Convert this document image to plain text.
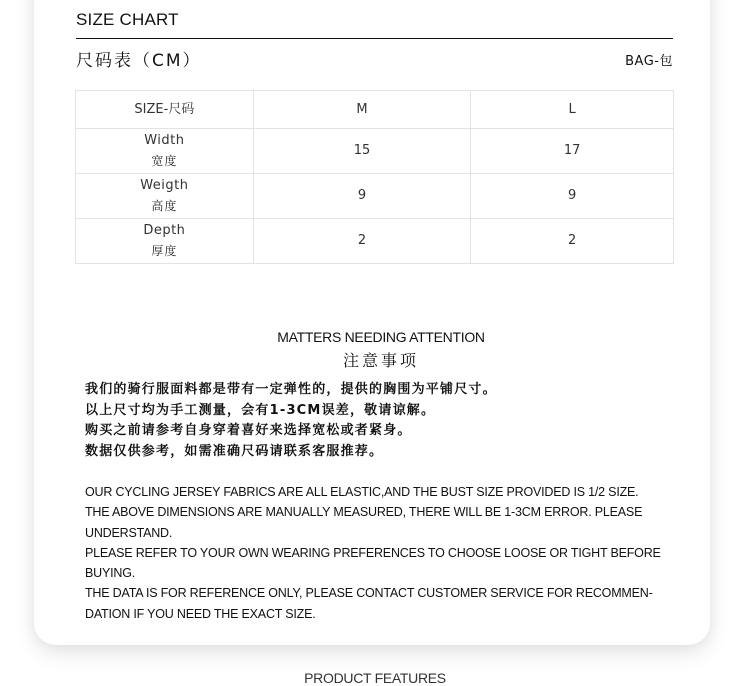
SIZE CHART
尺码表（CM）	BAG-包
SIZE-尺码	M	L

Width
宽度	15	17

Weigth
高度	9	9

Depth
厚度	2	2
MATTERS NEEDING ATTENTION
注意事项
我们的骑行服面料都是带有一定弹性的，提供的胸围为平铺尺寸。
以上尺寸均为手工测量，会有1-3CM误差，敬请谅解。
购买之前请参考自身穿着喜好来选择宽松或者紧身。
数据仅供参考，如需准确尺码请联系客服推荐。

OUR CYCLING JERSEY FABRICS ARE ALL ELASTIC,AND THE BUST SIZE PROVIDED IS 1/2 SIZE.

THE ABOVE DIMENSIONS ARE MANUALLY MEASURED, THERE WILL BE 1-3CM ERROR. PLEASE UNDERSTAND.

PLEASE REFER TO YOUR OWN WEARING PREFERENCES TO CHOOSE LOOSE OR TIGHT BEFORE BUYING.

THE DATA IS FOR REFERENCE ONLY, PLEASE CONTACT CUSTOMER SERVICE FOR RECOMMEN-DATION IF YOU NEED THE EXACT SIZE.

PRODUCT FEATURES
